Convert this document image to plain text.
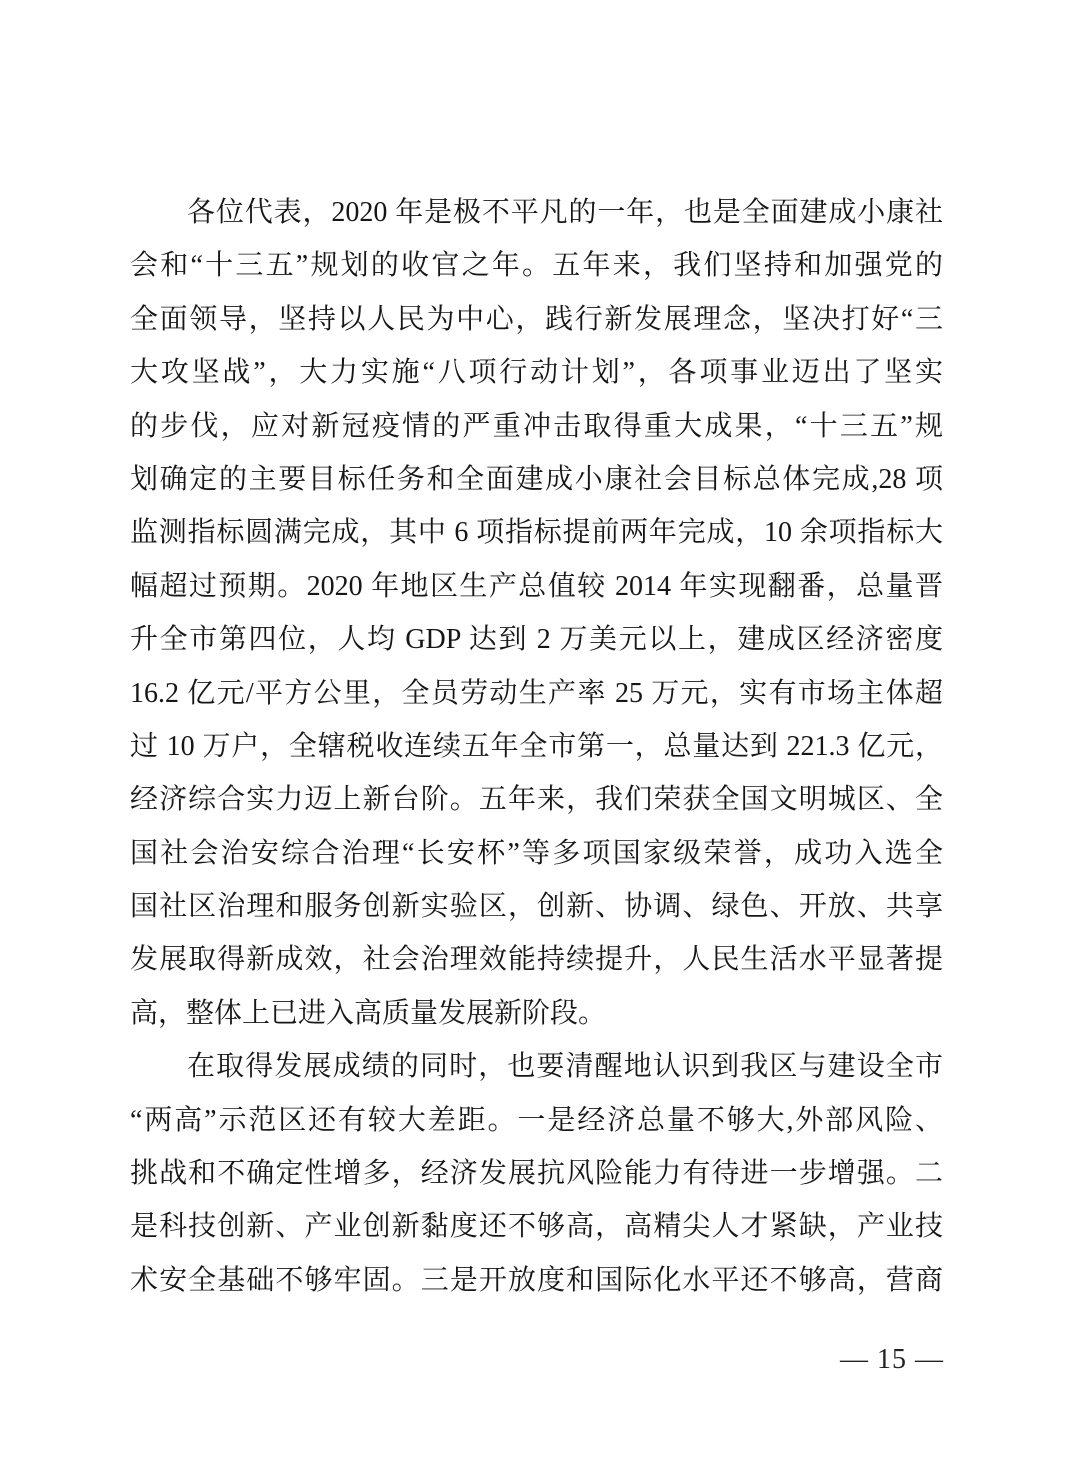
各位代表，2020 年是极不平凡的一年，也是全面建成小康社

会和“十三五”规划的收官之年。五年来，我们坚持和加强党的

全面领导，坚持以人民为中心，践行新发展理念，坚决打好“三

大攻坚战”，大力实施“八项行动计划”，各项事业迈出了坚实

的步伐，应对新冠疫情的严重冲击取得重大成果，“十三五”规

划确定的主要目标任务和全面建成小康社会目标总体完成,28 项

监测指标圆满完成，其中 6 项指标提前两年完成，10 余项指标大

幅超过预期。2020 年地区生产总值较 2014 年实现翻番，总量晋

升全市第四位，人均 GDP 达到 2 万美元以上，建成区经济密度

16.2 亿元/平方公里，全员劳动生产率 25 万元，实有市场主体超

过 10 万户，全辖税收连续五年全市第一，总量达到 221.3 亿元，

经济综合实力迈上新台阶。五年来，我们荣获全国文明城区、全

国社会治安综合治理“长安杯”等多项国家级荣誉，成功入选全

国社区治理和服务创新实验区，创新、协调、绿色、开放、共享

发展取得新成效，社会治理效能持续提升，人民生活水平显著提

高，整体上已进入高质量发展新阶段。

在取得发展成绩的同时，也要清醒地认识到我区与建设全市

“两高”示范区还有较大差距。一是经济总量不够大,外部风险、

挑战和不确定性增多，经济发展抗风险能力有待进一步增强。二

是科技创新、产业创新黏度还不够高，高精尖人才紧缺，产业技

术安全基础不够牢固。三是开放度和国际化水平还不够高，营商

— 15 —
